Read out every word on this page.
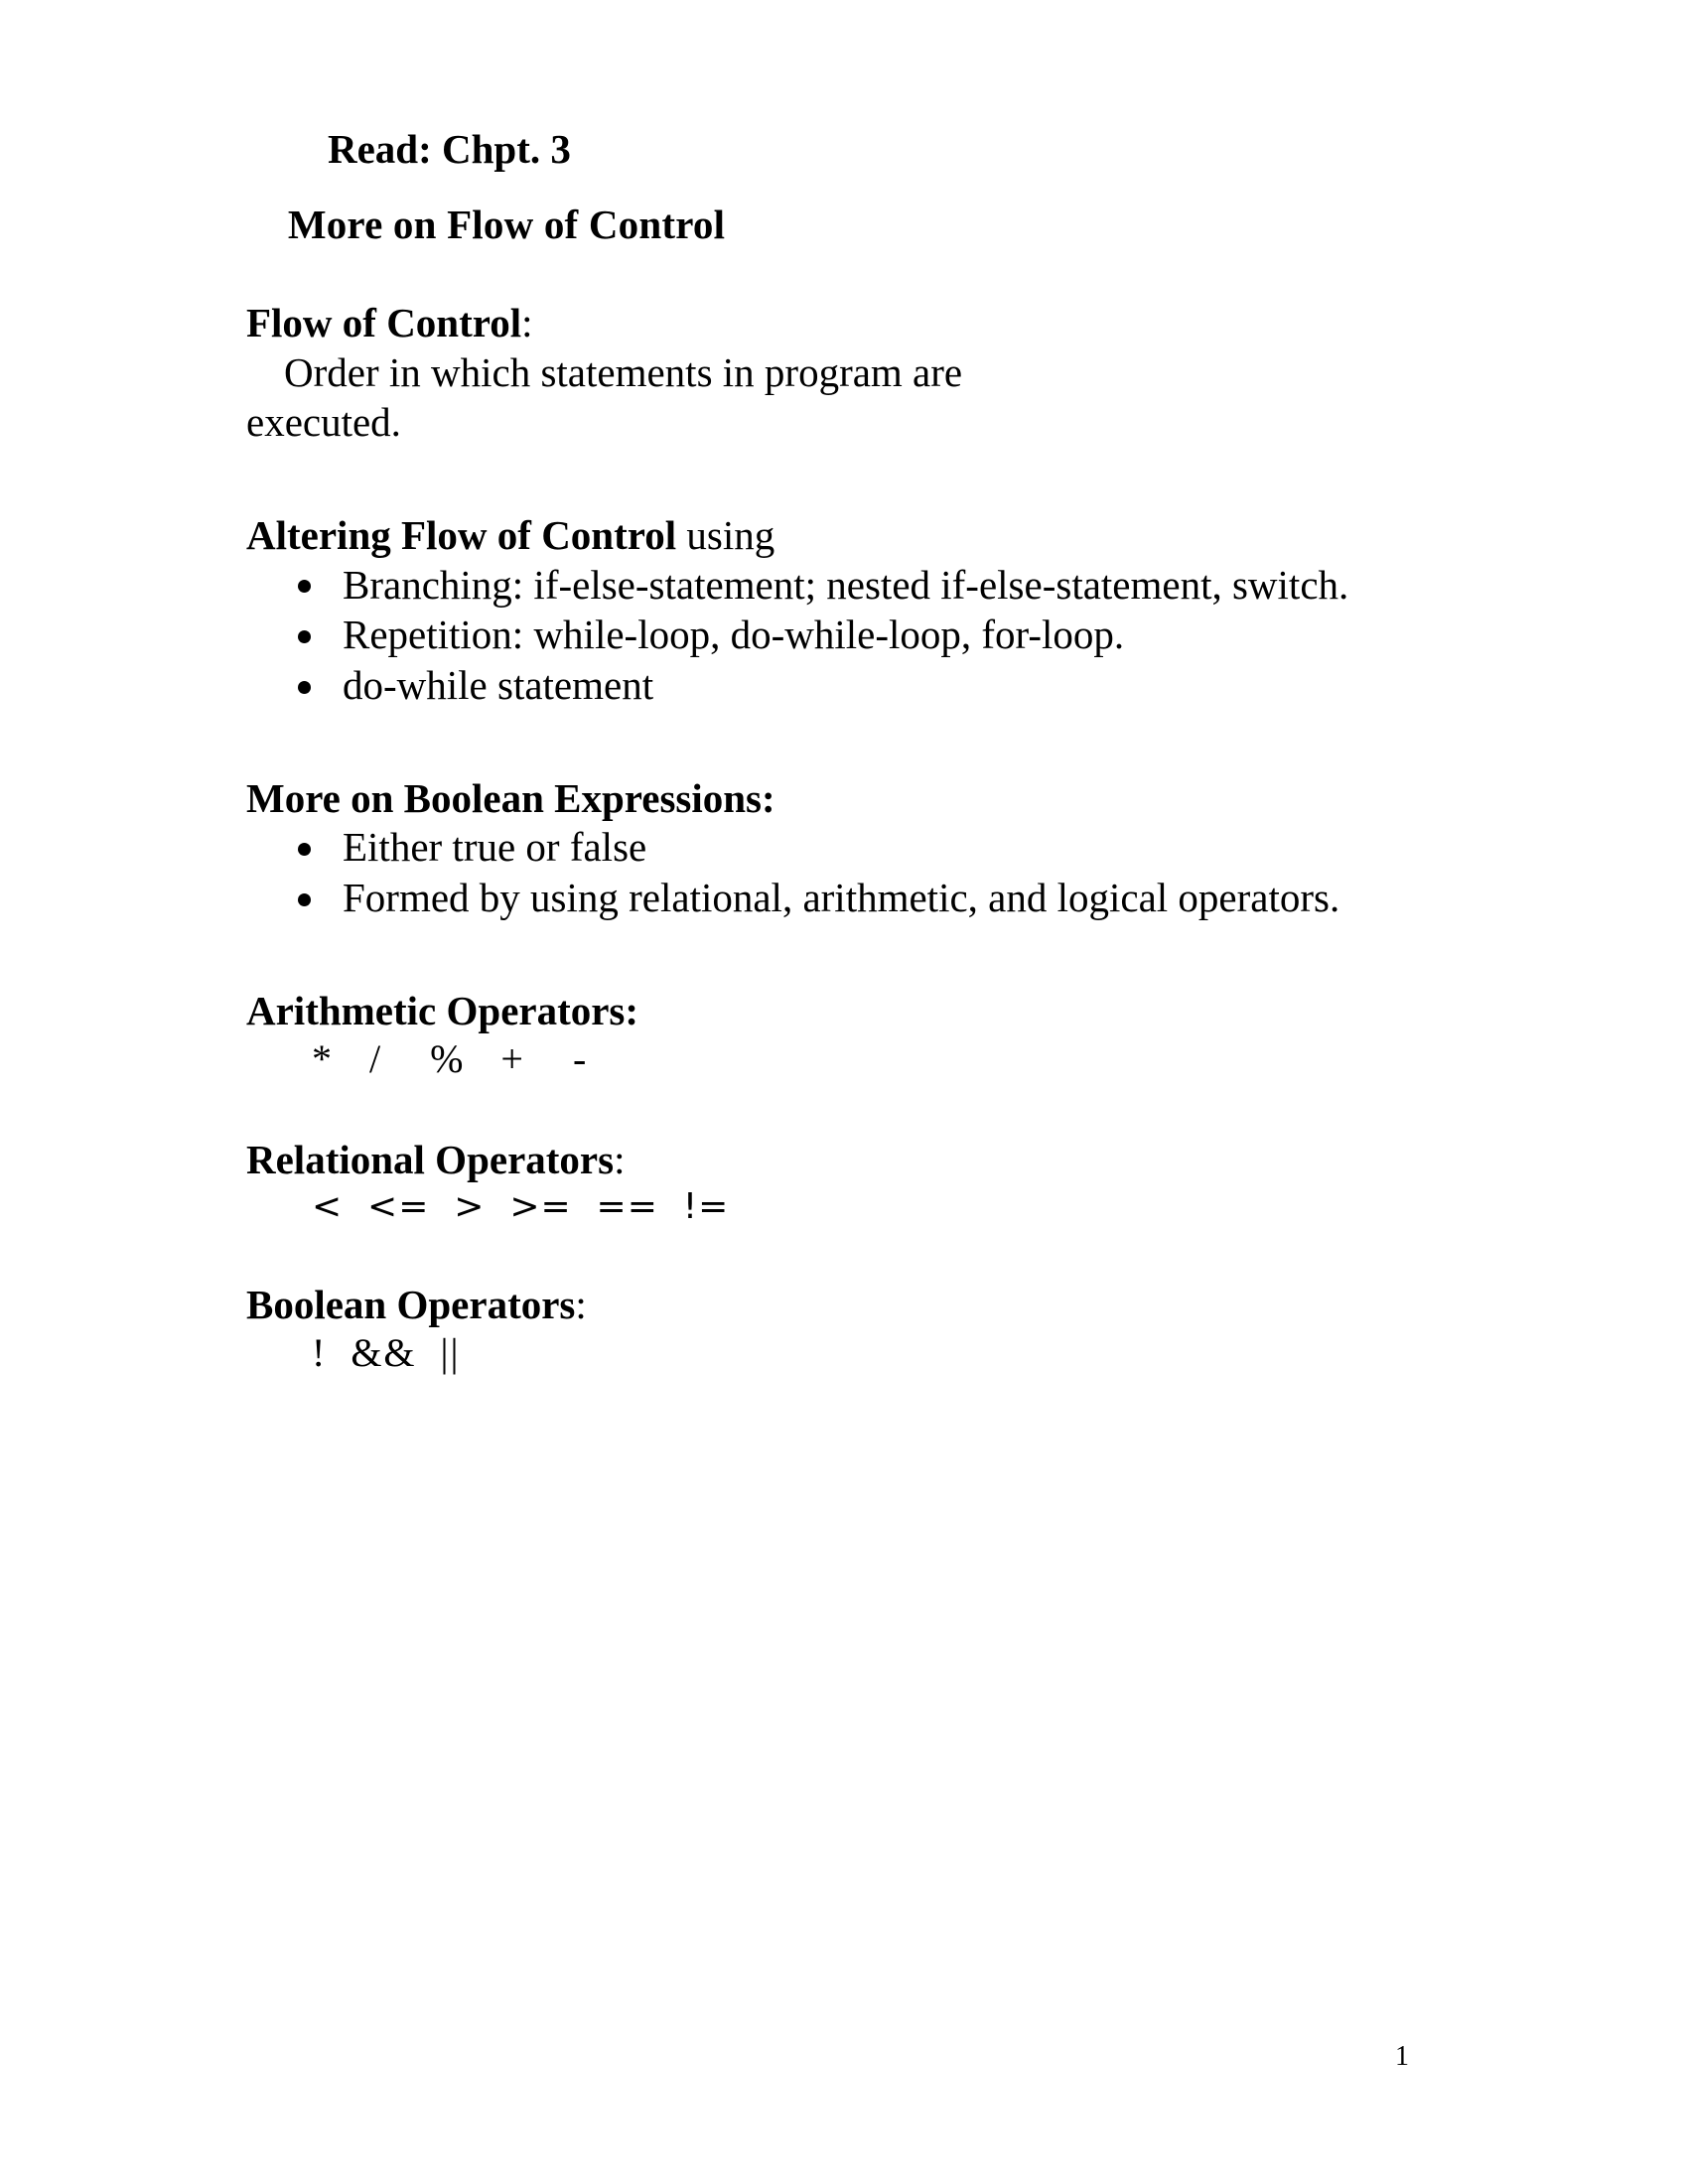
More on Flow of Control

Read: Chpt. 3

Flow of Control:
Order in which statements in program are
executed.
Altering Flow of Control using
Branching: if-else-statement; nested if-else-statement, switch.
Repetition: while-loop, do-while-loop, for-loop.
do-while statement
More on Boolean Expressions:
Either true or false
Formed by using relational, arithmetic, and logical operators.
Arithmetic Operators:
*   /    %   +    -
Relational Operators:
<  <=  >  >=  ==  !=
Boolean Operators:
!  &&  ||
1
